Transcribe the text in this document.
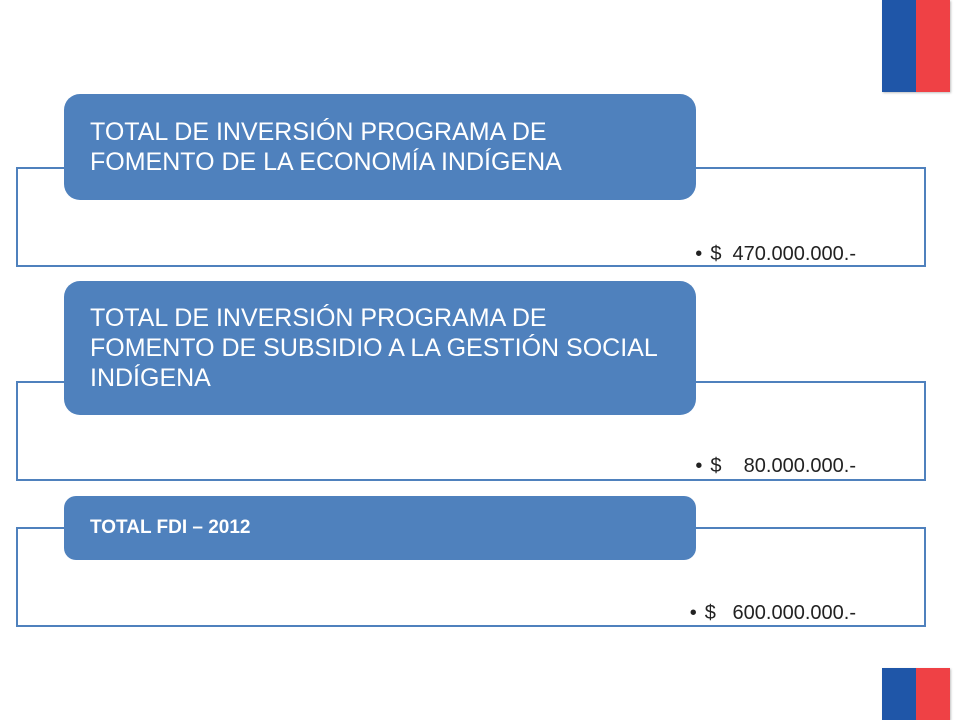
TOTAL DE INVERSIÓN PROGRAMA DE FOMENTO DE LA ECONOMÍA INDÍGENA

• $  470.000.000.-

TOTAL DE INVERSIÓN PROGRAMA DE FOMENTO DE SUBSIDIO A LA GESTIÓN SOCIAL INDÍGENA

• $    80.000.000.-

TOTAL FDI – 2012

• $   600.000.000.-
